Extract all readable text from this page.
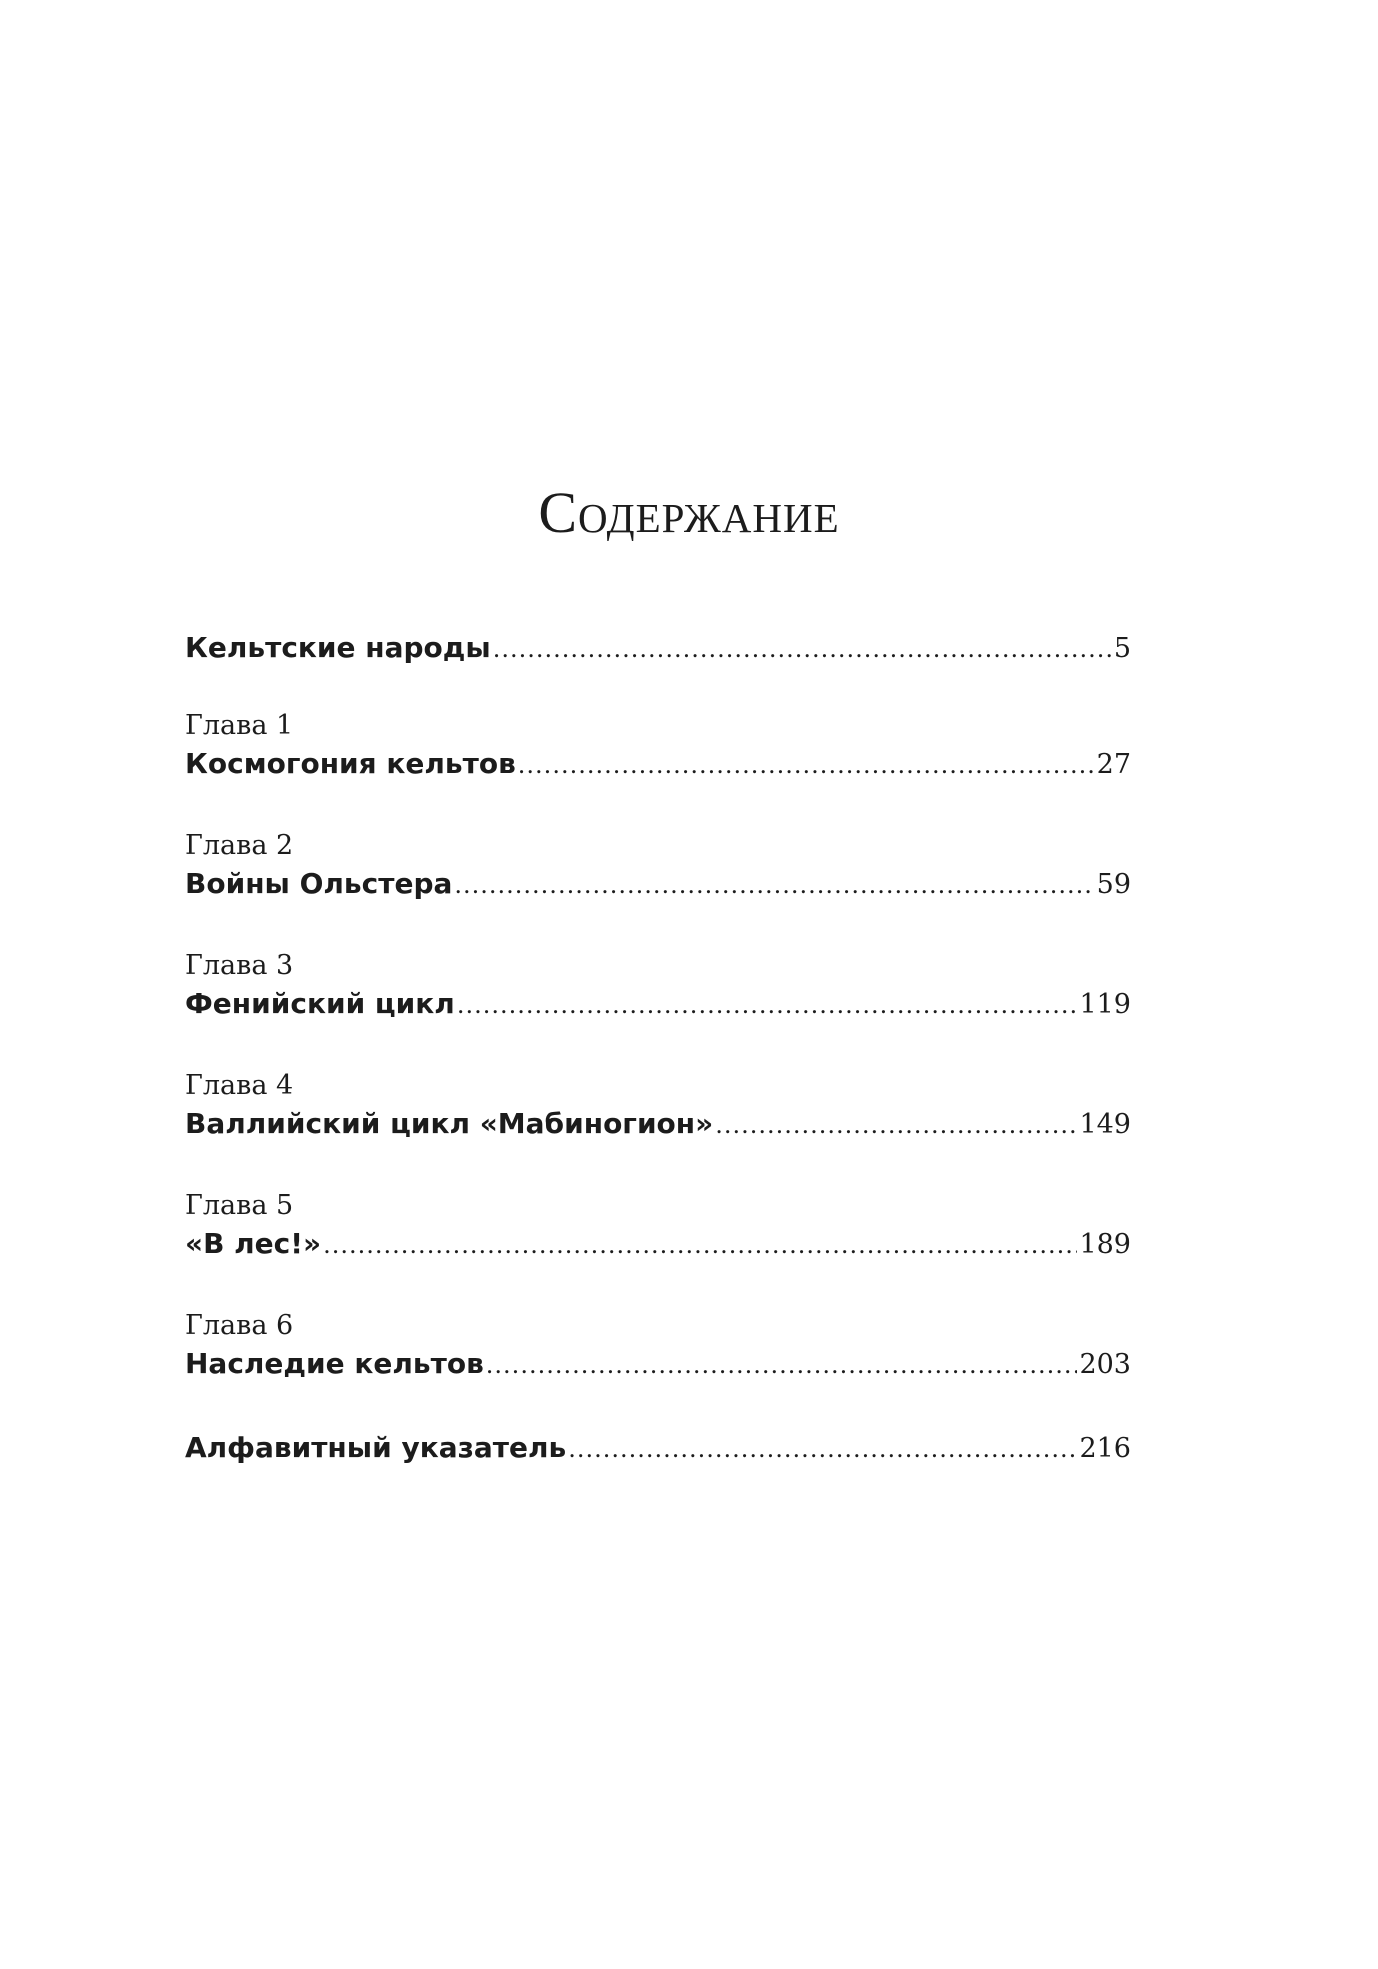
Содержание
Кельтские народы .....	5
Глава 1
Космогония кельтов .....	27
Глава 2
Войны Ольстера .....	59
Глава 3
Фенийский цикл .....	119
Глава 4
Валлийский цикл «Мабиногион» .....	149
Глава 5
«В лес!» .....	189
Глава 6
Наследие кельтов .....	203
Алфавитный указатель .....	216
